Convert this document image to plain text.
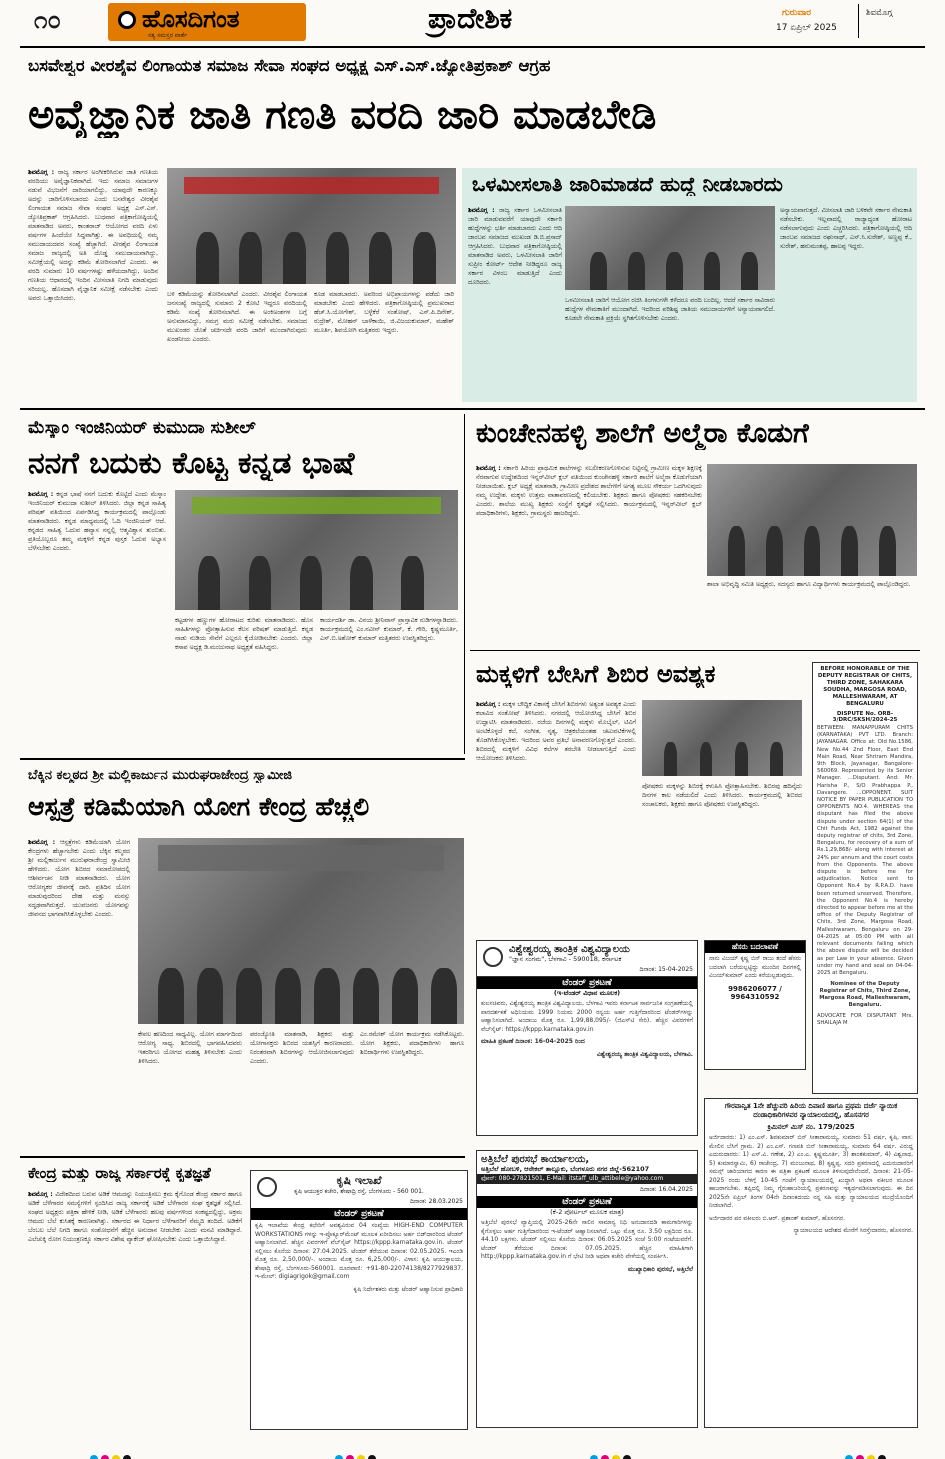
೧೦	ಹೊಸದಿಗಂತ
ಸತ್ಯ ಸಮಸ್ತರ ವಾರ್ತೆ
ಪ್ರಾದೇಶಿಕ	ಗುರುವಾರ
17 ಏಪ್ರಿಲ್ 2025
ಶಿವಮೊಗ್ಗ
ಬಸವೇಶ್ವರ ವೀರಶೈವ ಲಿಂಗಾಯತ ಸಮಾಜ ಸೇವಾ ಸಂಘದ ಅಧ್ಯಕ್ಷ ಎಸ್.ಎಸ್.ಜ್ಯೋತಿಪ್ರಕಾಶ್ ಆಗ್ರಹ
ಅವೈಜ್ಞಾನಿಕ ಜಾತಿ ಗಣತಿ ವರದಿ ಜಾರಿ ಮಾಡಬೇಡಿ
ಶಿವಮೊಗ್ಗ : ರಾಜ್ಯ ಸರ್ಕಾರ ಅಂಗೀಕರಿಸಿರುವ ಜಾತಿ ಗಣತಿಯ ವರದಿಯು ಅವೈಜ್ಞಾನಿಕವಾಗಿದೆ. ಇದು ಸಮಾಜ ಸಮಾಜಗಳ ನಡುವೆ ವಿಭಜನೆಗೆ ದಾರಿಯಾಗಲಿದ್ದು, ಯಾವುದೇ ಕಾರಣಕ್ಕೂ ಅದನ್ನು ಜಾರಿಗೊಳಿಸಬಾರದು ಎಂದು ಬಸವೇಶ್ವರ ವೀರಶೈವ ಲಿಂಗಾಯತ ಸಮಾಜ ಸೇವಾ ಸಂಘದ ಅಧ್ಯಕ್ಷ ಎಸ್.ಎಸ್. ಜ್ಯೋತಿಪ್ರಕಾಶ್ ಆಗ್ರಹಿಸಿದರು. ಬುಧವಾರ ಪತ್ರಿಕಾಗೋಷ್ಠಿಯಲ್ಲಿ ಮಾತನಾಡಿದ ಅವರು, ಕಾಂತರಾಜ್ ಆಯೋಗದ ವರದಿ ಏಳು ವರ್ಷಗಳ ಹಿಂದೆಯೇ ಸಿದ್ಧವಾಗಿತ್ತು. ಈ ಅವಧಿಯಲ್ಲಿ ನಮ್ಮ ಸಮುದಾಯದವರ ಸಂಖ್ಯೆ ಹೆಚ್ಚಾಗಿದೆ. ವೀರಶೈವ ಲಿಂಗಾಯತ ಸಮಾಜ ರಾಜ್ಯದಲ್ಲಿ ಅತಿ ದೊಡ್ಡ ಸಮುದಾಯವಾಗಿದ್ದು, ಸಮೀಕ್ಷೆಯಲ್ಲಿ ಅದನ್ನು ಕಡಿಮೆ ತೋರಿಸಲಾಗಿದೆ ಎಂದರು. ಈ ವರದಿ ಸುಮಾರು 10 ವರ್ಷಗಳಷ್ಟು ಹಳೆಯದಾಗಿದ್ದು, ಅಂದಿನ ಗಣತಿಯ ಆಧಾರದಲ್ಲಿ ಇಂದಿನ ಮೀಸಲಾತಿ ನಿಗದಿ ಮಾಡುವುದು ಸರಿಯಲ್ಲ. ಹೊಸದಾಗಿ ವೈಜ್ಞಾನಿಕ ಸಮೀಕ್ಷೆ ನಡೆಸಬೇಕು ಎಂದು ಅವರು ಒತ್ತಾಯಿಸಿದರು.
ಬಳಿ ಕಡಿಮೆಯನ್ನು ತೋರಿಸಲಾಗಿದೆ ಎಂದರು. ವೀರಶೈವ ಲಿಂಗಾಯತ ಜನಸಂಖ್ಯೆ ರಾಜ್ಯದಲ್ಲಿ ಸುಮಾರು 2 ಕೋಟಿ ಇದ್ದರೂ ವರದಿಯಲ್ಲಿ ಕಡಿಮೆ ಸಂಖ್ಯೆ ತೋರಿಸಲಾಗಿದೆ. ಈ ಅಂಕಿಅಂಶಗಳ ಬಗ್ಗೆ ಅನುಮಾನವಿದ್ದು, ಸಮಗ್ರ ಮರು ಸಮೀಕ್ಷೆ ನಡೆಸಬೇಕು. ಸಮಾಜದ ಮುಖಂಡರ ಜೊತೆ ಚರ್ಚಿಸದೇ ವರದಿ ಜಾರಿಗೆ ಮುಂದಾಗಿರುವುದು ಖಂಡನೀಯ ಎಂದರು.
ಕೂಡ ಮಾಡಬಾರದು. ಅವರಿಂದ ಅಭಿಪ್ರಾಯಗಳನ್ನು ಪಡೆದು ಜಾರಿ ಮಾಡಬೇಕು ಎಂದು ಹೇಳಿದರು. ಪತ್ರಿಕಾಗೋಷ್ಠಿಯಲ್ಲಿ ಪ್ರಮುಖರಾದ ಹೆಚ್.ಸಿ.ಯೋಗೇಶ್, ಬಳ್ಳೆಕೆರೆ ಸಂತೋಷ್, ಎಸ್.ಪಿ.ದಿನೇಶ್, ರುದ್ರೇಶ್, ಮೋಹನ್ ಬಾಳೆಕಾಯಿ, ಜಿ.ವಿಜಯಕುಮಾರ್, ಮಹೇಶ್ ಮೂರ್ತಿ, ಶಿವಯೋಗಿ ಮತ್ತಿತರರು ಇದ್ದರು.
ಒಳಮೀಸಲಾತಿ ಜಾರಿಮಾಡದೆ ಹುದ್ದೆ ನೀಡಬಾರದು
ಶಿವಮೊಗ್ಗ : ರಾಜ್ಯ ಸರ್ಕಾರ ಒಳಮೀಸಲಾತಿ ಜಾರಿ ಮಾಡುವವರೆಗೆ ಯಾವುದೇ ಸರ್ಕಾರಿ ಹುದ್ದೆಗಳನ್ನು ಭರ್ತಿ ಮಾಡಬಾರದು ಎಂದು ಆದಿ ಜಾಂಬವ ಸಮಾಜದ ಮುಖಂಡ ಡಿ.ಬಿ.ಪ್ರಸಾದ್ ಆಗ್ರಹಿಸಿದರು. ಬುಧವಾರ ಪತ್ರಿಕಾಗೋಷ್ಠಿಯಲ್ಲಿ ಮಾತನಾಡಿದ ಅವರು, ಒಳಮೀಸಲಾತಿ ಜಾರಿಗೆ ಸುಪ್ರೀಂ ಕೋರ್ಟ್ ಆದೇಶ ನೀಡಿದ್ದರೂ ರಾಜ್ಯ ಸರ್ಕಾರ ವಿಳಂಬ ಮಾಡುತ್ತಿದೆ ಎಂದು ದೂರಿದರು.
ಒಳಮೀಸಲಾತಿ ಜಾರಿಗೆ ಆಯೋಗ ರಚಿಸಿ ತಿಂಗಳುಗಳೇ ಕಳೆದರೂ ವರದಿ ಬಂದಿಲ್ಲ. ಆದರೆ ಸರ್ಕಾರ ಸಾವಿರಾರು ಹುದ್ದೆಗಳ ನೇಮಕಾತಿಗೆ ಮುಂದಾಗಿದೆ. ಇದರಿಂದ ಪರಿಶಿಷ್ಟ ಜಾತಿಯ ಸಮುದಾಯಗಳಿಗೆ ಅನ್ಯಾಯವಾಗಲಿದೆ. ಕೂಡಲೇ ನೇಮಕಾತಿ ಪ್ರಕ್ರಿಯೆ ಸ್ಥಗಿತಗೊಳಿಸಬೇಕು ಎಂದರು.
ಅನ್ಯಾಯವಾಗುತ್ತದೆ. ಮೀಸಲಾತಿ ಜಾರಿ ಬಳಿಕವೇ ಸರ್ಕಾರ ನೇಮಕಾತಿ ನಡೆಸಬೇಕು. ಇಲ್ಲವಾದಲ್ಲಿ ರಾಜ್ಯಾದ್ಯಂತ ಹೋರಾಟ ನಡೆಸಲಾಗುವುದು ಎಂದು ಎಚ್ಚರಿಸಿದರು. ಪತ್ರಿಕಾಗೋಷ್ಠಿಯಲ್ಲಿ ಆದಿ ಜಾಂಬವ ಸಮಾಜದ ರಘುನಾಥ್, ಎಸ್.ಸಿ.ಸುರೇಶ್, ಅಣ್ಣಪ್ಪ ಕೆ., ಸುರೇಶ್, ಹನುಮಂತಪ್ಪ, ಹಾಲಪ್ಪ ಇದ್ದರು.
ಮೆಸ್ಕಾಂ ಇಂಜಿನಿಯರ್ ಕುಮುದಾ ಸುಶೀಲ್
ನನಗೆ ಬದುಕು ಕೊಟ್ಟ ಕನ್ನಡ ಭಾಷೆ
ಶಿವಮೊಗ್ಗ : ಕನ್ನಡ ಭಾಷೆ ನನಗೆ ಬದುಕು ಕೊಟ್ಟಿದೆ ಎಂದು ಮೆಸ್ಕಾಂ ಇಂಜಿನಿಯರ್ ಕುಮುದಾ ಸುಶೀಲ್ ತಿಳಿಸಿದರು. ಜಿಲ್ಲಾ ಕನ್ನಡ ಸಾಹಿತ್ಯ ಪರಿಷತ್ ವತಿಯಿಂದ ಏರ್ಪಡಿಸಿದ್ದ ಕಾರ್ಯಕ್ರಮದಲ್ಲಿ ಪಾಲ್ಗೊಂಡು ಮಾತನಾಡಿದರು. ಕನ್ನಡ ಮಾಧ್ಯಮದಲ್ಲಿ ಓದಿ ಇಂಜಿನಿಯರ್ ಆದೆ. ಕನ್ನಡದ ಸಾಹಿತ್ಯ ಓದುವ ಹವ್ಯಾಸ ನನ್ನಲ್ಲಿ ಆತ್ಮವಿಶ್ವಾಸ ತುಂಬಿತು. ಪ್ರತಿಯೊಬ್ಬರೂ ತಮ್ಮ ಮಕ್ಕಳಿಗೆ ಕನ್ನಡ ಪುಸ್ತಕ ಓದುವ ಅಭ್ಯಾಸ ಬೆಳೆಸಬೇಕು ಎಂದರು.
ಕಟ್ಟಡಗಳ ಹಣ್ಣುಗಳ ಹೋರಾಟದ ಕುರಿತು ಮಾತನಾಡಿದರು. ಹೊಸ ಸಾಹಿತಿಗಳನ್ನು ಪ್ರೋತ್ಸಾಹಿಸುವ ಕೆಲಸ ಪರಿಷತ್ ಮಾಡುತ್ತಿದೆ. ಕನ್ನಡ ನಾಡು ನುಡಿಯ ಸೇವೆಗೆ ಎಲ್ಲರೂ ಕೈಜೋಡಿಸಬೇಕು ಎಂದರು. ಜಿಲ್ಲಾ ಕಸಾಪ ಅಧ್ಯಕ್ಷ ಡಿ.ಮಂಜುನಾಥ ಅಧ್ಯಕ್ಷತೆ ವಹಿಸಿದ್ದರು.
ಕಾರ್ಯದರ್ಶಿ ಡಾ. ವಿನಯ ಶ್ರೀನಿವಾಸ್ ಪ್ರಾಸ್ತಾವಿಕ ನುಡಿಗಳನ್ನಾಡಿದರು. ಕಾರ್ಯಕ್ರಮದಲ್ಲಿ ಎಂ.ನವೀನ್ ಕುಮಾರ್, ಕೆ. ಗೌರಿ, ಕೃಷ್ಣಮೂರ್ತಿ, ಎಸ್.ಬಿ.ಅಶೋಕ್ ಕುಮಾರ್ ಮತ್ತಿತರರು ಉಪಸ್ಥಿತರಿದ್ದರು.
ಕುಂಚೇನಹಳ್ಳಿ ಶಾಲೆಗೆ ಅಲ್ಮೆರಾ ಕೊಡುಗೆ
ಶಿವಮೊಗ್ಗ : ಸರ್ಕಾರಿ ಹಿರಿಯ ಪ್ರಾಥಮಿಕ ಶಾಲೆಗಳನ್ನು ಸಬಲೀಕರಣಗೊಳಿಸುವ ನಿಟ್ಟಿನಲ್ಲಿ ಗ್ರಾಮೀಣ ಮಕ್ಕಳ ಶಿಕ್ಷಣಕ್ಕೆ ನೆರವಾಗುವ ಉದ್ದೇಶದಿಂದ ಇನ್ನರ್‌ವೀಲ್ ಕ್ಲಬ್ ವತಿಯಿಂದ ಕುಂಚೇನಹಳ್ಳಿ ಸರ್ಕಾರಿ ಶಾಲೆಗೆ ಅಲ್ಮೆರಾ ಕೊಡುಗೆಯಾಗಿ ನೀಡಲಾಯಿತು. ಕ್ಲಬ್ ಅಧ್ಯಕ್ಷೆ ಮಾತನಾಡಿ, ಗ್ರಾಮೀಣ ಪ್ರದೇಶದ ಶಾಲೆಗಳಿಗೆ ಅಗತ್ಯ ಮೂಲ ಸೌಕರ್ಯ ಒದಗಿಸುವುದು ನಮ್ಮ ಉದ್ದೇಶ. ಮಕ್ಕಳು ಉತ್ತಮ ವಾತಾವರಣದಲ್ಲಿ ಕಲಿಯಬೇಕು. ಶಿಕ್ಷಕರು ಹಾಗೂ ಪೋಷಕರು ಸಹಕರಿಸಬೇಕು ಎಂದರು. ಶಾಲೆಯ ಮುಖ್ಯ ಶಿಕ್ಷಕರು ಸಂಸ್ಥೆಗೆ ಕೃತಜ್ಞತೆ ಸಲ್ಲಿಸಿದರು. ಕಾರ್ಯಕ್ರಮದಲ್ಲಿ ಇನ್ನರ್‌ವೀಲ್ ಕ್ಲಬ್ ಪದಾಧಿಕಾರಿಗಳು, ಶಿಕ್ಷಕರು, ಗ್ರಾಮಸ್ಥರು ಹಾಜರಿದ್ದರು.
ಶಾಲಾ ಅಭಿವೃದ್ಧಿ ಸಮಿತಿ ಅಧ್ಯಕ್ಷರು, ಸದಸ್ಯರು ಹಾಗೂ ವಿದ್ಯಾರ್ಥಿಗಳು ಕಾರ್ಯಕ್ರಮದಲ್ಲಿ ಪಾಲ್ಗೊಂಡಿದ್ದರು.
ಮಕ್ಕಳಿಗೆ ಬೇಸಿಗೆ ಶಿಬಿರ ಅವಶ್ಯಕ
ಶಿವಮೊಗ್ಗ : ಮಕ್ಕಳ ಬೌದ್ಧಿಕ ವಿಕಾಸಕ್ಕೆ ಬೇಸಿಗೆ ಶಿಬಿರಗಳು ಅತ್ಯಂತ ಅವಶ್ಯಕ ಎಂದು ಕಲಾವಿದ ಸಂತೋಷ್ ತಿಳಿಸಿದರು. ನಗರದಲ್ಲಿ ಆಯೋಜಿಸಿದ್ದ ಬೇಸಿಗೆ ಶಿಬಿರ ಉದ್ಘಾಟಿಸಿ ಮಾತನಾಡಿದರು. ರಜೆಯ ದಿನಗಳಲ್ಲಿ ಮಕ್ಕಳು ಮೊಬೈಲ್, ಟಿವಿಗೆ ಅಂಟಿಕೊಳ್ಳದೆ ಕಲೆ, ಸಂಗೀತ, ನೃತ್ಯ, ಚಿತ್ರಕಲೆಯಂತಹ ಚಟುವಟಿಕೆಗಳಲ್ಲಿ ತೊಡಗಿಸಿಕೊಳ್ಳಬೇಕು. ಇದರಿಂದ ಅವರ ಪ್ರತಿಭೆ ಅನಾವರಣಗೊಳ್ಳುತ್ತದೆ ಎಂದರು. ಶಿಬಿರದಲ್ಲಿ ಮಕ್ಕಳಿಗೆ ವಿವಿಧ ಕಲೆಗಳ ತರಬೇತಿ ನೀಡಲಾಗುತ್ತಿದೆ ಎಂದು ಆಯೋಜಕರು ತಿಳಿಸಿದರು.
ಪೋಷಕರು ಮಕ್ಕಳನ್ನು ಶಿಬಿರಕ್ಕೆ ಕಳುಹಿಸಿ ಪ್ರೋತ್ಸಾಹಿಸಬೇಕು. ಶಿಬಿರವು ಹದಿನೈದು ದಿನಗಳ ಕಾಲ ನಡೆಯಲಿದೆ ಎಂದು ತಿಳಿಸಿದರು. ಕಾರ್ಯಕ್ರಮದಲ್ಲಿ ಶಿಬಿರದ ಸಂಚಾಲಕರು, ಶಿಕ್ಷಕರು ಹಾಗೂ ಪೋಷಕರು ಉಪಸ್ಥಿತರಿದ್ದರು.
BEFORE HONORABLE OF THE DEPUTY REGISTRAR OF CHITS, THIRD ZONE, SAHAKARA SOUDHA, MARGOSA ROAD, MALLESHWARAM, AT BENGALURU
DISPUTE No. ORB-3/DRC/SKSH/2024-25
BETWEEN: MANAPPURAM CHITS (KARNATAKA) PVT LTD. Branch: JAYANAGAR. Office at: Old No.1586, New No.44 2nd Floor, East End Main Road, Near Shriram Mandira, 9th Block, Jayanagar, Bangalore-560069. Represented by its Senior Manager. ...Disputant. And: Mr. Harisha P., S/O Prabhappa P., Davangere. ...OPPONENT. SUIT NOTICE BY PAPER PUBLICATION TO OPPONENTS NO.4. WHEREAS the disputant has filed the above dispute under section 64(1) of the Chit Funds Act, 1982 against the deputy registrar of chits, 3rd Zone, Bengaluru, for recovery of a sum of Rs.1,29,868/- along with interest at 24% per annum and the court costs from the Opponents. The above dispute is before me for adjudication. Notice sent to Opponent No.4 by R.P.A.D. have been returned unserved. Therefore, the Opponent No.4 is hereby directed to appear before me at the office of the Deputy Registrar of Chits, 3rd Zone, Margosa Road, Malleshwaram, Bengaluru on 29-04-2025 at 05:00 PM with all relevant documents failing which the above dispute will be decided as per Law in your absence. Given under my hand and seal on 04-04-2025 at Bengaluru.
Nominee of the Deputy Registrar of Chits, Third Zone, Margosa Road, Malleshwaram, Bengaluru.
ADVOCATE FOR DISPUTANT Mrs. SHAILAJA M
ಬೆಕ್ಕಿನ ಕಲ್ಮಠದ ಶ್ರೀ ಮಲ್ಲಿಕಾರ್ಜುನ ಮುರುಘರಾಜೇಂದ್ರ ಸ್ವಾಮೀಜಿ
ಆಸ್ಪತ್ರೆ ಕಡಿಮೆಯಾಗಿ ಯೋಗ ಕೇಂದ್ರ ಹೆಚ್ಚಲಿ
ಶಿವಮೊಗ್ಗ : ಆಸ್ಪತ್ರೆಗಳು ಕಡಿಮೆಯಾಗಿ ಯೋಗ ಕೇಂದ್ರಗಳು ಹೆಚ್ಚಾಗಬೇಕು ಎಂದು ಬೆಕ್ಕಿನ ಕಲ್ಮಠದ ಶ್ರೀ ಮಲ್ಲಿಕಾರ್ಜುನ ಮುರುಘರಾಜೇಂದ್ರ ಸ್ವಾಮೀಜಿ ಹೇಳಿದರು. ಯೋಗ ಶಿಬಿರದ ಸಮಾರೋಪದಲ್ಲಿ ಆಶೀರ್ವಚನ ನೀಡಿ ಮಾತನಾಡಿದರು. ಯೋಗ ಆರೋಗ್ಯಕರ ಜೀವನಕ್ಕೆ ದಾರಿ. ಪ್ರತಿದಿನ ಯೋಗ ಮಾಡುವುದರಿಂದ ದೇಹ ಮತ್ತು ಮನಸ್ಸು ಸದೃಢವಾಗಿರುತ್ತದೆ. ಯುವಜನರು ಯೋಗವನ್ನು ಜೀವನದ ಭಾಗವಾಗಿಸಿಕೊಳ್ಳಬೇಕು ಎಂದರು.
ಕೇವಲ ಹಣದಿಂದ ಸಾಧ್ಯವಿಲ್ಲ. ಯೋಗ ಮಾರ್ಗದಿಂದ ಆರೋಗ್ಯ ಸಾಧ್ಯ. ಶಿಬಿರದಲ್ಲಿ ಭಾಗವಹಿಸಿದವರು ಇತರರಿಗೂ ಯೋಗದ ಮಹತ್ವ ತಿಳಿಸಬೇಕು ಎಂದು ತಿಳಿಸಿದರು.
ಪರಂಜ್ಯೋತಿ ಮಾತನಾಡಿ, ಶಿಕ್ಷಕರು ಮತ್ತು ಯೋಗಾಸಕ್ತರು ಶಿಬಿರದ ಯಶಸ್ಸಿಗೆ ಕಾರಣರಾದರು. ನಿರಂತರವಾಗಿ ಶಿಬಿರಗಳನ್ನು ಆಯೋಜಿಸಲಾಗುವುದು ಎಂದರು.
ಎಂ.ರಮೇಶ್ ಯೋಗ ಕಾರ್ಯಕ್ರಮ ನಡೆಸಿಕೊಟ್ಟರು. ಯೋಗ ಶಿಕ್ಷಕರು, ಪದಾಧಿಕಾರಿಗಳು ಹಾಗೂ ಶಿಬಿರಾರ್ಥಿಗಳು ಉಪಸ್ಥಿತರಿದ್ದರು.
ವಿಶ್ವೇಶ್ವರಯ್ಯ ತಾಂತ್ರಿಕ ವಿಶ್ವವಿದ್ಯಾಲಯ
"ಜ್ಞಾನ ಸಂಗಮ", ಬೆಳಗಾವಿ - 590018, ಕರ್ನಾಟಕ
ದಿನಾಂಕ: 15-04-2025
ಟೆಂಡರ್ ಪ್ರಕಟಣೆ
(ಇ-ಟೆಂಡರ್ ವಿಧಾನ ಮೂಲಕ)
ಕುಲಸಚಿವರು, ವಿಶ್ವೇಶ್ವರಯ್ಯ ತಾಂತ್ರಿಕ ವಿಶ್ವವಿದ್ಯಾಲಯ, ಬೆಳಗಾವಿ ಇವರು ಕರ್ನಾಟಕ ಸಾರ್ವಜನಿಕ ಸಂಗ್ರಹಣೆಯಲ್ಲಿ ಪಾರದರ್ಶಕತೆ ಅಧಿನಿಯಮ 1999 ನಿಯಮ 2000 ರನ್ವಯ ಅರ್ಹ ಗುತ್ತಿಗೆದಾರರಿಂದ ಟೆಂಡರ್‌ಗಳನ್ನು ಆಹ್ವಾನಿಸಲಾಗಿದೆ. ಅಂದಾಜು ಮೊತ್ತ ರೂ. 1,99,88,095/- (ಜಿಎಸ್‌ಟಿ ಸೇರಿ). ಹೆಚ್ಚಿನ ವಿವರಗಳಿಗೆ ವೆಬ್‌ಸೈಟ್: https://kppp.karnataka.gov.in
ಮಾಹಿತಿ ಪ್ರಕಟಣೆ ದಿನಾಂಕ: 16-04-2025 ರಿಂದ
ವಿಶ್ವೇಶ್ವರಯ್ಯ ತಾಂತ್ರಿಕ ವಿಶ್ವವಿದ್ಯಾಲಯ, ಬೆಳಗಾವಿ.
ಹೆಸರು ಬದಲಾವಣೆ
ನಾನು ವಿಜಯ್ ಕೃಷ್ಣ ಬಿನ್ ರಾಜು ತಂದೆ ಹೆಸರು ಬದಲಾಗಿ ಬರೆಯಲ್ಪಟ್ಟಿದ್ದು ಮುಂದಿನ ದಿನಗಳಲ್ಲಿ ವಿಜಯ್‌ಕುಮಾರ್ ಎಂದು ಕರೆಯಲ್ಪಡುವುದು.
9986206077 / 9964310592
ಗೌರವಾನ್ವಿತ 1ನೇ ಹೆಚ್ಚುವರಿ ಹಿರಿಯ ದಿವಾಣಿ ಹಾಗೂ ಪ್ರಥಮ ದರ್ಜೆ ನ್ಯಾಯಿಕ ದಂಡಾಧಿಕಾರಿಗಳವರ ನ್ಯಾಯಾಲಯದಲ್ಲಿ, ಹೊಸನಗರ
ಕ್ರಿಮಿನಲ್ ಮಿಸ್ ನಂ. 179/2025
ಅರ್ಜಿದಾರರು: 1) ಎಂ.ಎಸ್. ಶಿವಕುಮಾರ್ ಬಿನ್ ಸೀತಾರಾಮಯ್ಯ, ಸುಮಾರು 51 ವರ್ಷ, ಕೃಷಿ, ವಾಸ: ಮೇಲಿನ ಬೆಸಿಗೆ ಗ್ರಾಮ. 2) ಎಂ.ಎಸ್. ಗಣಪತಿ ಬಿನ್ ಸೀತಾರಾಮಯ್ಯ, ಸುಮಾರು 64 ವರ್ಷ. ವಿರುದ್ಧ ಎದುರುದಾರರು: 1) ಎಸ್.ವಿ. ಗಣೇಶ, 2) ಎಂ.ಎ. ಕೃಷ್ಣಮೂರ್ತಿ, 3) ಶಾಂತಕುಮಾರ್, 4) ವಿಶ್ವನಾಥ, 5) ಕುಮಾರಸ್ವಾಮಿ, 6) ರಾಜೇಂದ್ರ, 7) ಮಂಜುನಾಥ, 8) ಕೃಷ್ಣಪ್ಪ. ಸದರಿ ಪ್ರಕರಣದಲ್ಲಿ ಎದುರುದಾರರಿಗೆ ಸಮನ್ಸ್ ಜಾರಿಯಾಗದ ಕಾರಣ ಈ ಪತ್ರಿಕಾ ಪ್ರಕಟಣೆ ಮೂಲಕ ತಿಳಿಸುವುದೇನೆಂದರೆ, ದಿನಾಂಕ: 21-05-2025 ರಂದು ಬೆಳಿಗ್ಗೆ 10-45 ಗಂಟೆಗೆ ನ್ಯಾಯಾಲಯದಲ್ಲಿ ಖುದ್ದಾಗಿ ಅಥವಾ ವಕೀಲರ ಮೂಲಕ ಹಾಜರಾಗಬೇಕು. ತಪ್ಪಿದಲ್ಲಿ ನಿಮ್ಮ ಗೈರುಹಾಜರಿಯಲ್ಲಿ ಪ್ರಕರಣವನ್ನು ಇತ್ಯರ್ಥಪಡಿಸಲಾಗುವುದು. ಈ ದಿನ 2025ನೇ ಏಪ್ರಿಲ್ ತಿಂಗಳ 04ನೇ ದಿನಾಂಕದಂದು ನನ್ನ ಸಹಿ ಮತ್ತು ನ್ಯಾಯಾಲಯದ ಮುದ್ರೆಯೊಂದಿಗೆ ನೀಡಲಾಗಿದೆ.
ಅರ್ಜಿದಾರರ ಪರ ವಕೀಲರು ಬಿ.ಆರ್. ಪ್ರಶಾಂತ್ ಕುಮಾರ್, ಹೊಸನಗರ.
ನ್ಯಾಯಾಲಯದ ಆದೇಶದ ಮೇರೆಗೆ ಸಿರಸ್ತೇದಾರರು, ಹೊಸನಗರ.
ಕೇಂದ್ರ ಮತ್ತು ರಾಜ್ಯ ಸರ್ಕಾರಕ್ಕೆ ಕೃತಜ್ಞತೆ
ಶಿವಮೊಗ್ಗ : ವಿದೇಶದಿಂದ ಬರುವ ಅಡಿಕೆ ಆಮದನ್ನು ನಿಯಂತ್ರಿಸಲು ಕ್ರಮ ಕೈಗೊಂಡ ಕೇಂದ್ರ ಸರ್ಕಾರ ಹಾಗೂ ಅಡಿಕೆ ಬೆಳೆಗಾರರ ಸಮಸ್ಯೆಗಳಿಗೆ ಸ್ಪಂದಿಸಿದ ರಾಜ್ಯ ಸರ್ಕಾರಕ್ಕೆ ಅಡಿಕೆ ಬೆಳೆಗಾರರ ಸಂಘ ಕೃತಜ್ಞತೆ ಸಲ್ಲಿಸಿದೆ. ಸಂಘದ ಅಧ್ಯಕ್ಷರು ಪತ್ರಿಕಾ ಹೇಳಿಕೆ ನೀಡಿ, ಅಡಿಕೆ ಬೆಳೆಗಾರರು ಹಲವು ವರ್ಷಗಳಿಂದ ಸಂಕಷ್ಟದಲ್ಲಿದ್ದು, ಅಕ್ರಮ ಆಮದು ಬೆಲೆ ಕುಸಿತಕ್ಕೆ ಕಾರಣವಾಗಿತ್ತು. ಸರ್ಕಾರದ ಈ ನಿರ್ಧಾರ ಬೆಳೆಗಾರರಿಗೆ ನೆಮ್ಮದಿ ತಂದಿದೆ. ಅಡಿಕೆಗೆ ಬೆಂಬಲ ಬೆಲೆ ನಿಗದಿ ಹಾಗೂ ಸಂಶೋಧನೆಗೆ ಹೆಚ್ಚಿನ ಅನುದಾನ ನೀಡಬೇಕು ಎಂದು ಮನವಿ ಮಾಡಿದ್ದಾರೆ. ಎಲೆಚುಕ್ಕಿ ರೋಗ ನಿಯಂತ್ರಣಕ್ಕೂ ಸರ್ಕಾರ ವಿಶೇಷ ಪ್ಯಾಕೇಜ್ ಘೋಷಿಸಬೇಕು ಎಂದು ಒತ್ತಾಯಿಸಿದ್ದಾರೆ.
ಕೃಷಿ ಇಲಾಖೆ
ಕೃಷಿ ಆಯುಕ್ತರ ಕಚೇರಿ, ಶೇಷಾದ್ರಿ ರಸ್ತೆ, ಬೆಂಗಳೂರು - 560 001.
ದಿನಾಂಕ: 28.03.2025
ಟೆಂಡರ್ ಪ್ರಕಟಣೆ
ಕೃಷಿ ಇಲಾಖೆಯ ಕೇಂದ್ರ ಕಛೇರಿಗೆ ಅವಶ್ಯವಿರುವ 04 ಸಂಖ್ಯೆಯ HIGH-END COMPUTER WORKSTATIONS ಗಳನ್ನು ಇ-ಪ್ರೊಕ್ಯೂರ್‌ಮೆಂಟ್ ಮೂಲಕ ಖರೀದಿಸಲು ಅರ್ಹ ಬಿಡ್‌ದಾರರಿಂದ ಟೆಂಡರ್ ಆಹ್ವಾನಿಸಲಾಗಿದೆ. ಹೆಚ್ಚಿನ ವಿವರಗಳಿಗೆ ವೆಬ್‌ಸೈಟ್ https://kppp.karnataka.gov.in. ಟೆಂಡರ್ ಸಲ್ಲಿಸಲು ಕೊನೆಯ ದಿನಾಂಕ: 27.04.2025. ಟೆಂಡರ್ ತೆರೆಯುವ ದಿನಾಂಕ: 02.05.2025. ಇಎಂಡಿ ಮೊತ್ತ ರೂ. 2,50,000/-. ಅಂದಾಜು ಮೊತ್ತ ರೂ. 6,25,000/-. ವಿಳಾಸ: ಕೃಷಿ ಆಯುಕ್ತಾಲಯ, ಶೇಷಾದ್ರಿ ರಸ್ತೆ, ಬೆಂಗಳೂರು-560001. ದೂರವಾಣಿ: +91-80-22074138/8277929837. ಇ-ಮೇಲ್: digiagrigok@gmail.com
ಕೃಷಿ ನಿರ್ದೇಶಕರು ಮತ್ತು ಟೆಂಡರ್ ಆಹ್ವಾನಿಸುವ ಪ್ರಾಧಿಕಾರಿ
ಅತ್ತಿಬೆಲೆ ಪುರಸಭೆ ಕಾರ್ಯಾಲಯ,
ಅತ್ತಿಬೆಲೆ ಹೋಬಳಿ, ಆನೇಕಲ್ ತಾಲ್ಲೂಕು, ಬೆಂಗಳೂರು ನಗರ ಜಿಲ್ಲೆ-562107
ಫೋನ್: 080-27821501, E-Mail: itstaff_ulb_attibele@yahoo.com
ದಿನಾಂಕ: 16.04.2025
ಟೆಂಡರ್ ಪ್ರಕಟಣೆ
(ಕೆ-2 ಪೋರ್ಟಲ್ ಮೂಲಕ ಮಾತ್ರ)
ಅತ್ತಿಬೆಲೆ ಪುರಸಭೆ ವ್ಯಾಪ್ತಿಯಲ್ಲಿ 2025-26ನೇ ಸಾಲಿನ ಸಾಮಾನ್ಯ ನಿಧಿ ಅನುದಾನದಡಿ ಕಾಮಗಾರಿಗಳನ್ನು ಕೈಗೊಳ್ಳಲು ಅರ್ಹ ಗುತ್ತಿಗೆದಾರರಿಂದ ಇ-ಟೆಂಡರ್ ಆಹ್ವಾನಿಸಲಾಗಿದೆ. ಒಟ್ಟು ಮೊತ್ತ ರೂ. 3.50 ಲಕ್ಷದಿಂದ ರೂ. 44.10 ಲಕ್ಷಗಳು. ಟೆಂಡರ್ ಸಲ್ಲಿಸಲು ಕೊನೆಯ ದಿನಾಂಕ: 06.05.2025 ಸಂಜೆ 5:00 ಗಂಟೆಯವರೆಗೆ. ಟೆಂಡರ್ ತೆರೆಯುವ ದಿನಾಂಕ: 07.05.2025. ಹೆಚ್ಚಿನ ಮಾಹಿತಿಗಾಗಿ http://kppp.karnataka.gov.in ಗೆ ಭೇಟಿ ನೀಡಿ ಅಥವಾ ಕಚೇರಿ ವೇಳೆಯಲ್ಲಿ ಸಂಪರ್ಕಿಸಿ.
ಮುಖ್ಯಾಧಿಕಾರಿ ಪುರಸಭೆ, ಅತ್ತಿಬೆಲೆ
